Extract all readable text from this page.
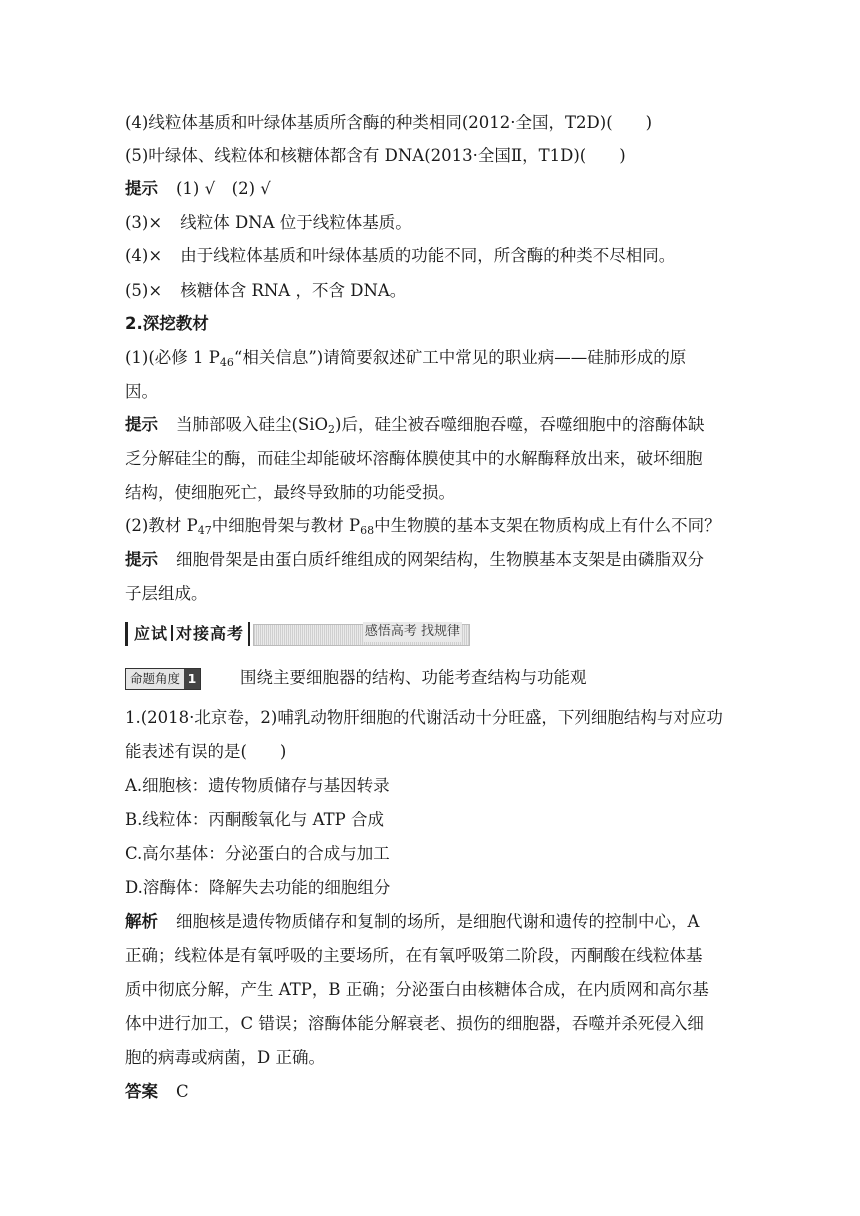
(4)线粒体基质和叶绿体基质所含酶的种类相同(2012·全国，T2D)(　　)
(5)叶绿体、线粒体和核糖体都含有 DNA(2013·全国Ⅱ，T1D)(　　)
提示 (1) √　(2) √
(3)× 线粒体 DNA 位于线粒体基质。
(4)× 由于线粒体基质和叶绿体基质的功能不同，所含酶的种类不尽相同。
(5)× 核糖体含 RNA ，不含 DNA。
2.深挖教材
(1)(必修 1 $P_{46}“$相关信息”)请简要叙述矿工中常见的职业病——硅肺形成的原
因。
提示 当肺部吸入硅尘(SiO$_2$)后，硅尘被吞噬细胞吞噬，吞噬细胞中的溶酶体缺
乏分解硅尘的酶，而硅尘却能破坏溶酶体膜使其中的水解酶释放出来，破坏细胞
结构，使细胞死亡，最终导致肺的功能受损。
(2)教材 $P_{47}$中细胞骨架与教材 $P_{68}$中生物膜的基本支架在物质构成上有什么不同？
提示 细胞骨架是由蛋白质纤维组成的网架结构，生物膜基本支架是由磷脂双分
子层组成。
应试 对接高考	感悟高考 找规律
命题角度 1	围绕主要细胞器的结构、功能考查结构与功能观
1.(2018·北京卷，2)哺乳动物肝细胞的代谢活动十分旺盛，下列细胞结构与对应功
能表述有误的是(　　)
A.细胞核：遗传物质储存与基因转录
B.线粒体：丙酮酸氧化与 ATP 合成
C.高尔基体：分泌蛋白的合成与加工
D.溶酶体：降解失去功能的细胞组分
解析 细胞核是遗传物质储存和复制的场所，是细胞代谢和遗传的控制中心，A
正确；线粒体是有氧呼吸的主要场所，在有氧呼吸第二阶段，丙酮酸在线粒体基
质中彻底分解，产生 ATP，B 正确；分泌蛋白由核糖体合成，在内质网和高尔基
体中进行加工，C 错误；溶酶体能分解衰老、损伤的细胞器，吞噬并杀死侵入细
胞的病毒或病菌，D 正确。
答案 C
